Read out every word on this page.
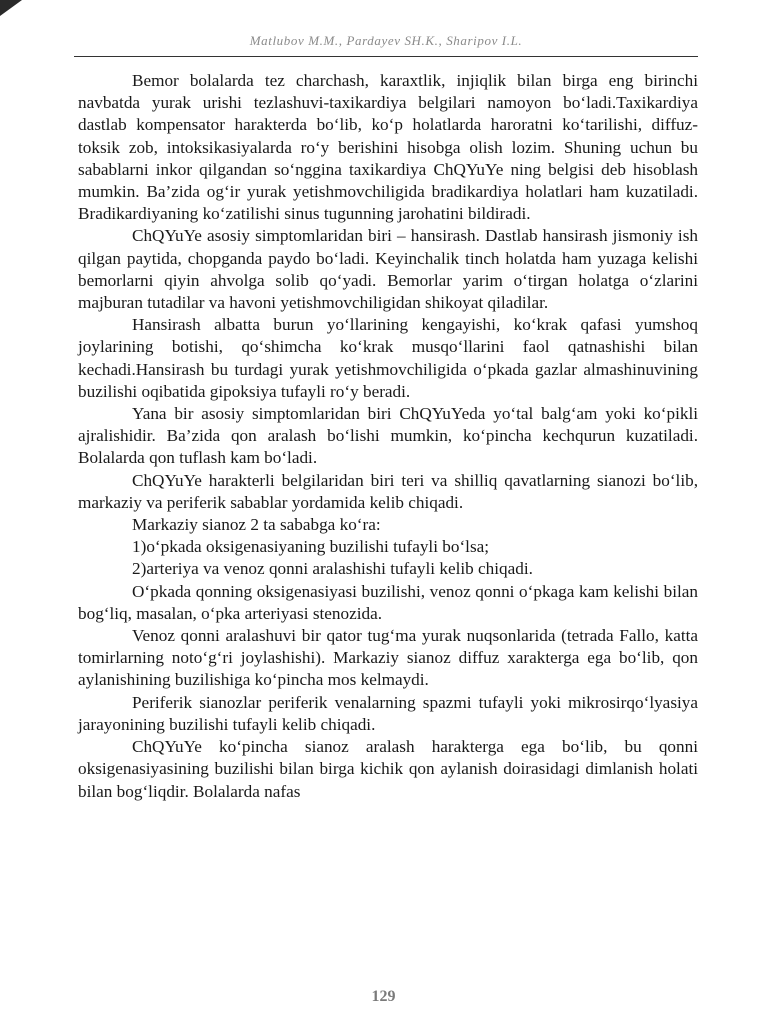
Matlubov M.M., Pardayev SH.K., Sharipov I.L.

Bemor bolalarda tez charchash, karaxtlik, injiqlik bilan birga eng birinchi navbatda yurak urishi tezlashuvi-taxikardiya belgilari namoyon bo‘ladi.Taxikardiya dastlab kompensator harakterda bo‘lib, ko‘p holatlarda haroratni ko‘tarilishi, diffuz-toksik zob, intoksikasiyalarda ro‘y berishini hisobga olish lozim. Shuning uchun bu sabablarni inkor qilgandan so‘nggina taxikardiya ChQYuYe ning belgisi deb hisoblash mumkin. Ba’zida og‘ir yurak yetishmovchiligida bradikardiya holatlari ham kuzatiladi. Bradikardiyaning ko‘zatilishi sinus tugunning jarohatini bildiradi.

ChQYuYe asosiy simptomlaridan biri – hansirash. Dastlab hansirash jismoniy ish qilgan paytida, chopganda paydo bo‘ladi. Keyinchalik tinch holatda ham yuzaga kelishi bemorlarni qiyin ahvolga solib qo‘yadi. Bemorlar yarim o‘tirgan holatga o‘zlarini majburan tutadilar va havoni yetishmovchiligidan shikoyat qiladilar.

Hansirash albatta burun yo‘llarining kengayishi, ko‘krak qafasi yumshoq joylarining botishi, qo‘shimcha ko‘krak musqo‘llarini faol qatnashishi bilan kechadi.Hansirash bu turdagi yurak yetishmovchiligida o‘pkada gazlar almashinuvining buzilishi oqibatida gipoksiya tufayli ro‘y beradi.

Yana bir asosiy simptomlaridan biri ChQYuYeda yo‘tal balg‘am yoki ko‘pikli ajralishidir. Ba’zida qon aralash bo‘lishi mumkin, ko‘pincha kechqurun kuzatiladi. Bolalarda qon tuflash kam bo‘ladi.

ChQYuYe harakterli belgilaridan biri teri va shilliq qavatlarning sianozi bo‘lib, markaziy va periferik sabablar yordamida kelib chiqadi.

Markaziy sianoz 2 ta sababga ko‘ra:

1)o‘pkada oksigenasiyaning buzilishi tufayli bo‘lsa;

2)arteriya va venoz qonni aralashishi tufayli kelib chiqadi.

O‘pkada qonning oksigenasiyasi buzilishi, venoz qonni o‘pkaga kam kelishi bilan bog‘liq, masalan, o‘pka arteriyasi stenozida.

Venoz qonni aralashuvi bir qator tug‘ma yurak nuqsonlarida (tetrada Fallo, katta tomirlarning noto‘g‘ri joylashishi). Markaziy sianoz diffuz xarakterga ega bo‘lib, qon aylanishining buzilishiga ko‘pincha mos kelmaydi.

Periferik sianozlar periferik venalarning spazmi tufayli yoki mikrosirqo‘lyasiya jarayonining buzilishi tufayli kelib chiqadi.

ChQYuYe ko‘pincha sianoz aralash harakterga ega bo‘lib, bu qonni oksigenasiyasining buzilishi bilan birga kichik qon aylanish doirasidagi dimlanish holati bilan bog‘liqdir. Bolalarda nafas

129
